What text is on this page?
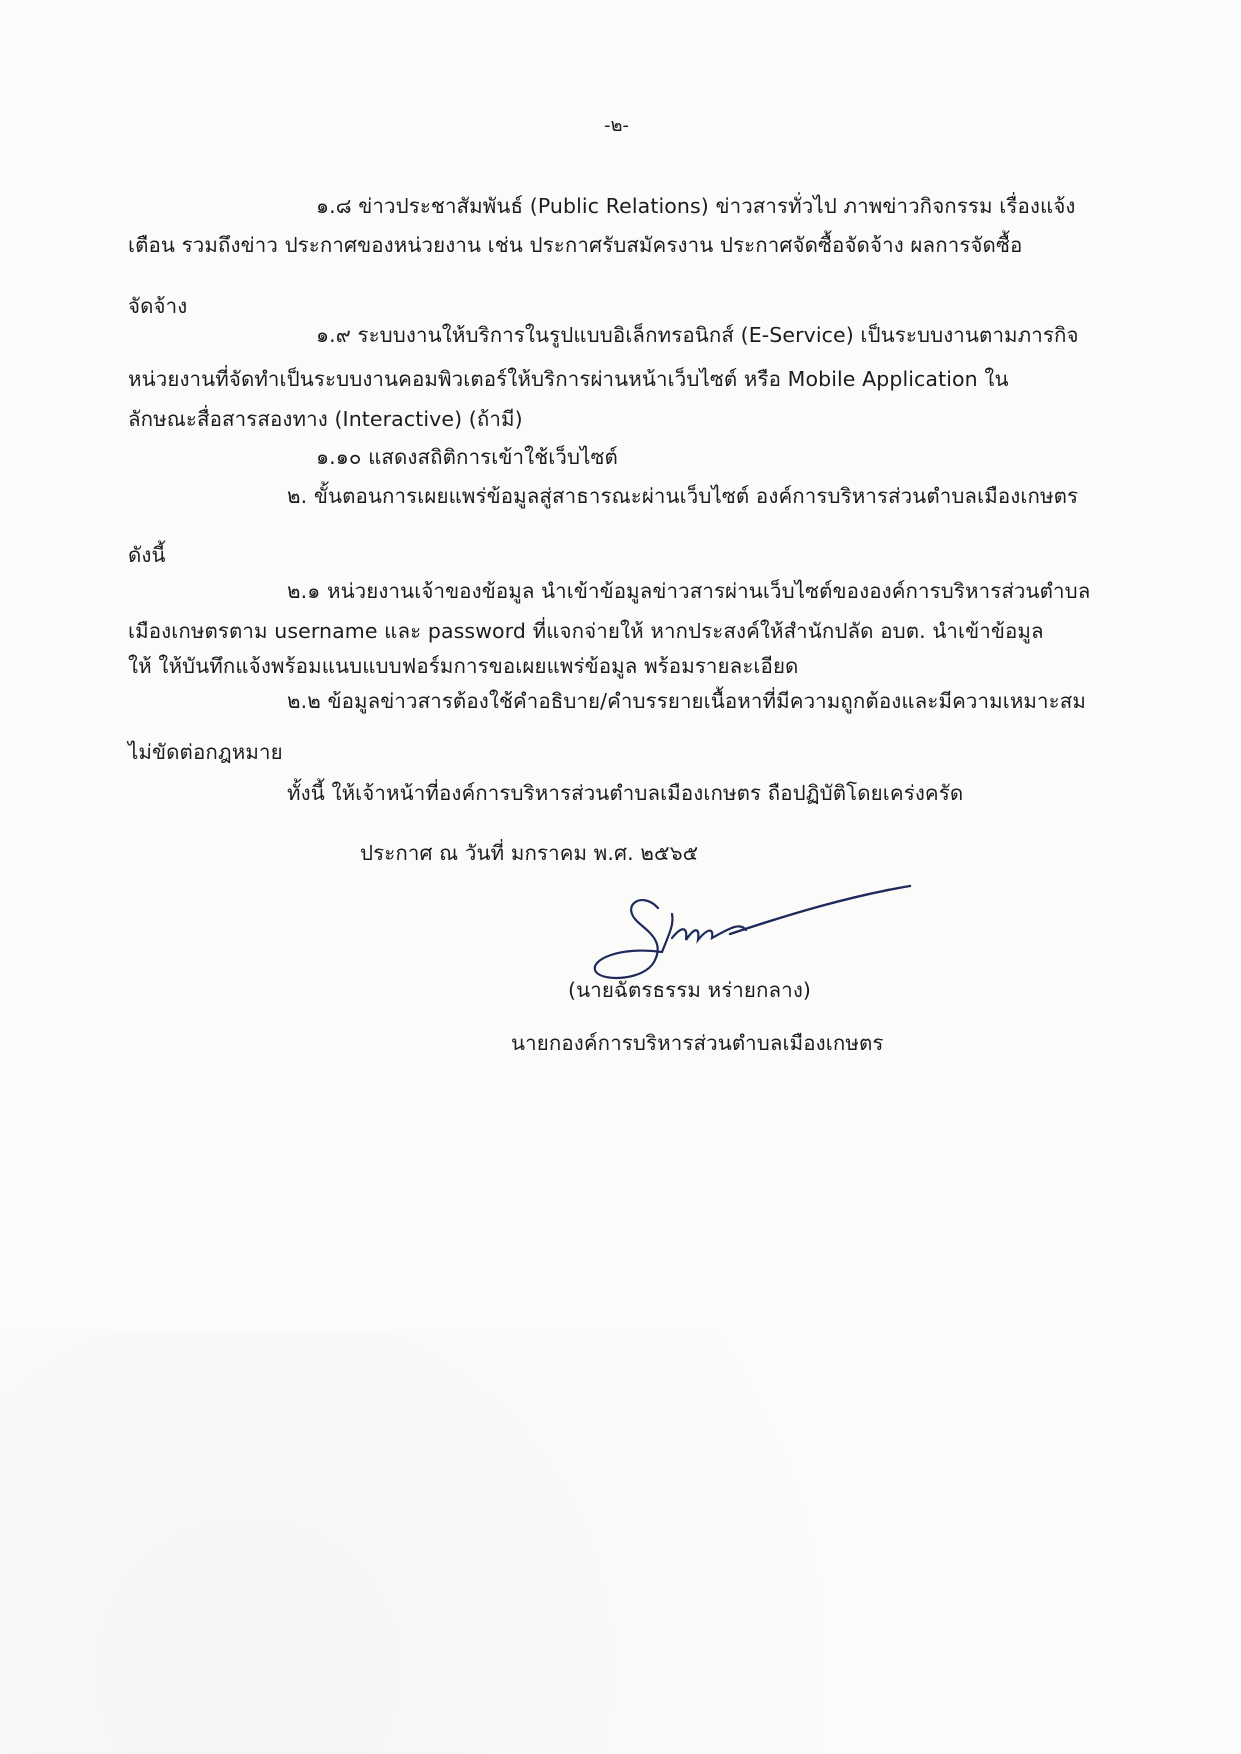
-๒-

๑.๘ ข่าวประชาสัมพันธ์ (Public Relations) ข่าวสารทั่วไป ภาพข่าวกิจกรรม เรื่องแจ้ง

เตือน รวมถึงข่าว ประกาศของหน่วยงาน เช่น ประกาศรับสมัครงาน ประกาศจัดซื้อจัดจ้าง ผลการจัดซื้อ

จัดจ้าง

๑.๙ ระบบงานให้บริการในรูปแบบอิเล็กทรอนิกส์ (E-Service) เป็นระบบงานตามภารกิจ

หน่วยงานที่จัดทำเป็นระบบงานคอมพิวเตอร์ให้บริการผ่านหน้าเว็บไซต์ หรือ Mobile Application ใน

ลักษณะสื่อสารสองทาง (Interactive) (ถ้ามี)

๑.๑๐ แสดงสถิติการเข้าใช้เว็บไซต์

๒. ขั้นตอนการเผยแพร่ข้อมูลสู่สาธารณะผ่านเว็บไซต์ องค์การบริหารส่วนตำบลเมืองเกษตร

ดังนี้

๒.๑ หน่วยงานเจ้าของข้อมูล นำเข้าข้อมูลข่าวสารผ่านเว็บไซต์ขององค์การบริหารส่วนตำบล

เมืองเกษตรตาม username และ password ที่แจกจ่ายให้ หากประสงค์ให้สำนักปลัด อบต. นำเข้าข้อมูล

ให้ ให้บันทึกแจ้งพร้อมแนบแบบฟอร์มการขอเผยแพร่ข้อมูล พร้อมรายละเอียด

๒.๒ ข้อมูลข่าวสารต้องใช้คำอธิบาย/คำบรรยายเนื้อหาที่มีความถูกต้องและมีความเหมาะสม

ไม่ขัดต่อกฎหมาย

ทั้งนี้ ให้เจ้าหน้าที่องค์การบริหารส่วนตำบลเมืองเกษตร ถือปฏิบัติโดยเคร่งครัด

ประกาศ ณ วันที่ มกราคม พ.ศ. ๒๕๖๕

(นายฉัตรธรรม หร่ายกลาง)

นายกองค์การบริหารส่วนตำบลเมืองเกษตร
